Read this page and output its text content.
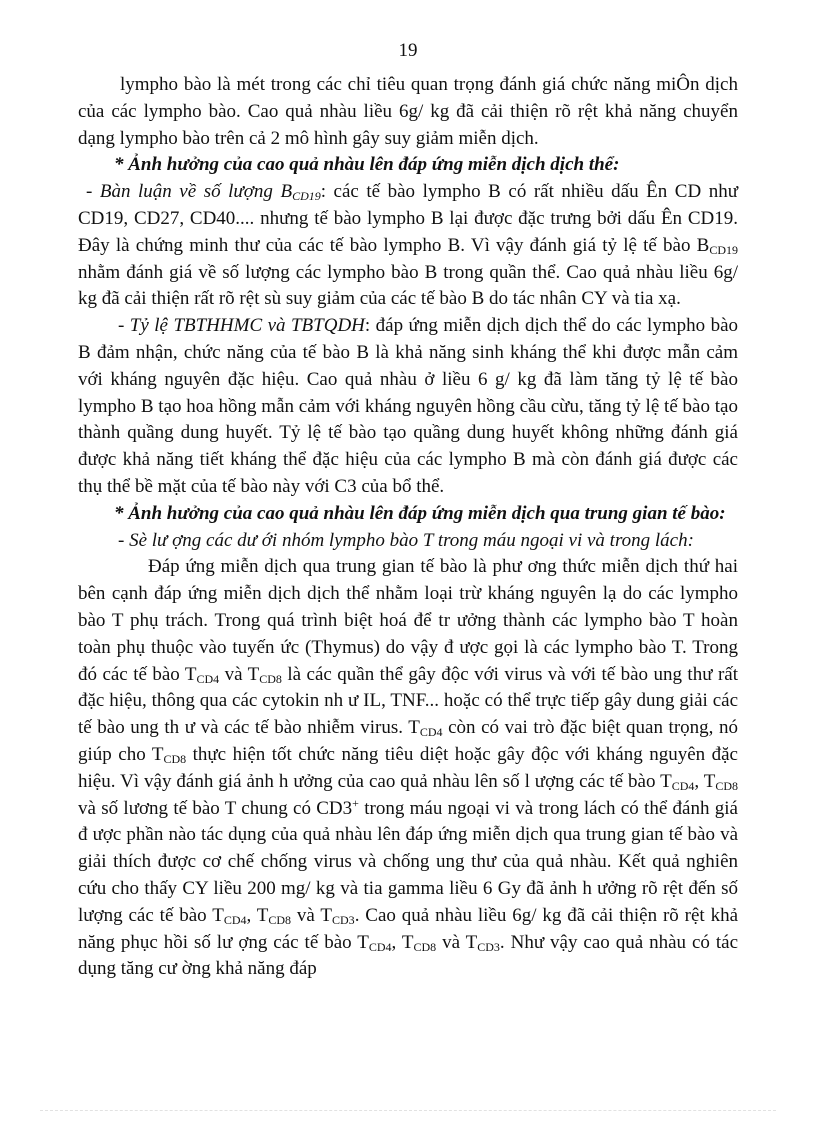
19

lympho bào là mét trong các chỉ tiêu quan trọng đánh giá chức năng miÔn dịch của các lympho bào. Cao quả nhàu liều 6g/ kg đã cải thiện rõ rệt khả năng chuyển dạng lympho bào trên cả 2 mô hình gây suy giảm miễn dịch.

* Ảnh hưởng của cao quả nhàu lên đáp ứng miễn dịch dịch thể:

- Bàn luận về số lượng $B_{CD19}$: các tế bào lympho B có rất nhiều dấu Ên CD như CD19, CD27, CD40.... nhưng tế bào lympho B lại được đặc trưng bởi dấu Ên CD19. Đây là chứng minh thư của các tế bào lympho B. Vì vậy đánh giá tỷ lệ tế bào $B_{CD19}$ nhằm đánh giá về số lượng các lympho bào B trong quần thể. Cao quả nhàu liều 6g/ kg đã cải thiện rất rõ rệt sù suy giảm của các tế bào B do tác nhân CY và tia xạ.

- Tỷ lệ TBTHHMC và TBTQDH: đáp ứng miễn dịch dịch thể do các lympho bào B đảm nhận, chức năng của tế bào B là khả năng sinh kháng thể khi được mẫn cảm với kháng nguyên đặc hiệu. Cao quả nhàu ở liều 6 g/ kg đã làm tăng tỷ lệ tế bào lympho B tạo hoa hồng mẫn cảm với kháng nguyên hồng cầu cừu, tăng tỷ lệ tế bào tạo thành quầng dung huyết. Tỷ lệ tế bào tạo quầng dung huyết không những đánh giá được khả năng tiết kháng thể đặc hiệu của các lympho B mà còn đánh giá được các thụ thể bề mặt của tế bào này với C3 của bổ thể.

* Ảnh hưởng của cao quả nhàu lên đáp ứng miễn dịch qua trung gian tế bào:

- Sè lư ợng các dư ới nhóm lympho bào T trong máu ngoại vi và trong lách:

Đáp ứng miễn dịch qua trung gian tế bào là phư ơng thức miễn dịch thứ hai bên cạnh đáp ứng miễn dịch dịch thể nhằm loại trừ kháng nguyên lạ do các lympho bào T phụ trách. Trong quá trình biệt hoá để tr ưởng thành các lympho bào T hoàn toàn phụ thuộc vào tuyến ức (Thymus) do vậy đ ược gọi là các lympho bào T. Trong đó các tế bào $T_{CD4}$ và $T_{CD8}$ là các quần thể gây độc với virus và với tế bào ung thư rất đặc hiệu, thông qua các cytokin nh ư IL, TNF... hoặc có thể trực tiếp gây dung giải các tế bào ung th ư và các tế bào nhiễm virus. $T_{CD4}$ còn có vai trò đặc biệt quan trọng, nó giúp cho $T_{CD8}$ thực hiện tốt chức năng tiêu diệt hoặc gây độc với kháng nguyên đặc hiệu. Vì vậy đánh giá ảnh h ưởng của cao quả nhàu lên số l ượng các tế bào $T_{CD4}$, $T_{CD8}$ và số lương tế bào T chung có CD3+ trong máu ngoại vi và trong lách có thể đánh giá đ ược phần nào tác dụng của quả nhàu lên đáp ứng miễn dịch qua trung gian tế bào và giải thích được cơ chế chống virus và chống ung thư của quả nhàu. Kết quả nghiên cứu cho thấy CY liều 200 mg/ kg và tia gamma liều 6 Gy đã ảnh h ưởng rõ rệt đến số lượng các tế bào $T_{CD4}$, $T_{CD8}$ và $T_{CD3}$. Cao quả nhàu liều 6g/ kg đã cải thiện rõ rệt khả năng phục hồi số lư ợng các tế bào $T_{CD4}$, $T_{CD8}$ và $T_{CD3}$. Như vậy cao quả nhàu có tác dụng tăng cư ờng khả năng đáp
